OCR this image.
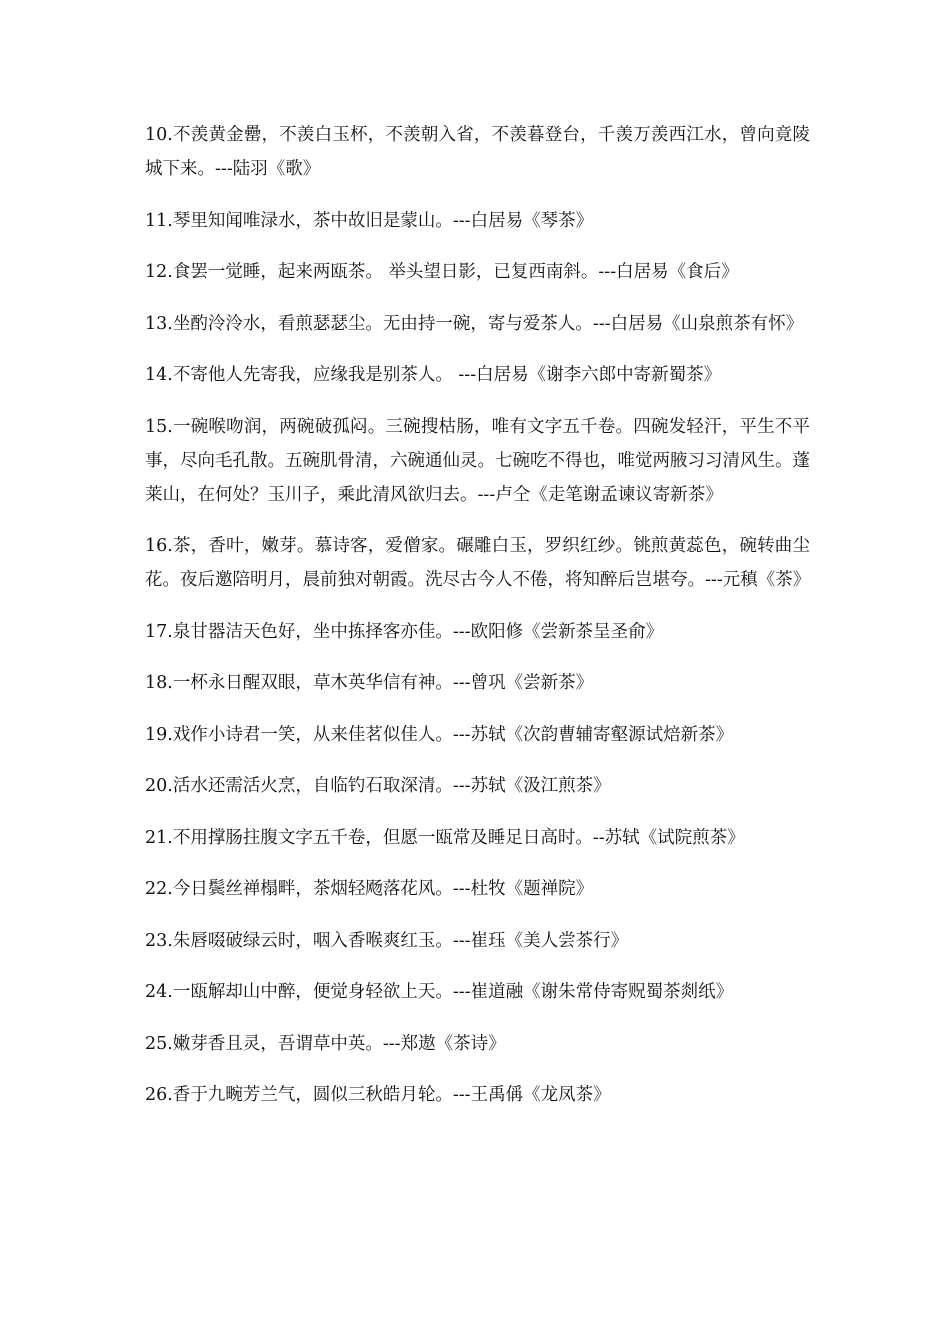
10.不羡黄金罍，不羡白玉杯，不羡朝入省，不羡暮登台，千羡万羡西江水，曾向竟陵城下来。---陆羽《歌》

11.琴里知闻唯渌水，茶中故旧是蒙山。---白居易《琴茶》

12.食罢一觉睡，起来两瓯茶。 举头望日影，已复西南斜。---白居易《食后》

13.坐酌泠泠水，看煎瑟瑟尘。无由持一碗，寄与爱茶人。---白居易《山泉煎茶有怀》

14.不寄他人先寄我，应缘我是别茶人。 ---白居易《谢李六郎中寄新蜀茶》

15.一碗喉吻润，两碗破孤闷。三碗搜枯肠，唯有文字五千卷。四碗发轻汗，平生不平事，尽向毛孔散。五碗肌骨清，六碗通仙灵。七碗吃不得也，唯觉两腋习习清风生。蓬莱山，在何处？玉川子，乘此清风欲归去。---卢仝《走笔谢孟谏议寄新茶》

16.茶，香叶，嫩芽。慕诗客，爱僧家。碾雕白玉，罗织红纱。铫煎黄蕊色，碗转曲尘花。夜后邀陪明月，晨前独对朝霞。洗尽古今人不倦，将知醉后岂堪夸。---元稹《茶》

17.泉甘器洁天色好，坐中拣择客亦佳。---欧阳修《尝新茶呈圣俞》

18.一杯永日醒双眼，草木英华信有神。---曾巩《尝新茶》

19.戏作小诗君一笑，从来佳茗似佳人。---苏轼《次韵曹辅寄壑源试焙新茶》

20.活水还需活火烹，自临钓石取深清。---苏轼《汲江煎茶》

21.不用撑肠拄腹文字五千卷，但愿一瓯常及睡足日高时。--苏轼《试院煎茶》

22.今日鬓丝禅榻畔，茶烟轻飏落花风。---杜牧《题禅院》

23.朱唇啜破绿云时，咽入香喉爽红玉。---崔珏《美人尝茶行》

24.一瓯解却山中醉，便觉身轻欲上天。---崔道融《谢朱常侍寄贶蜀茶剡纸》

25.嫩芽香且灵，吾谓草中英。---郑遨《茶诗》

26.香于九畹芳兰气，圆似三秋皓月轮。---王禹偁《龙凤茶》
